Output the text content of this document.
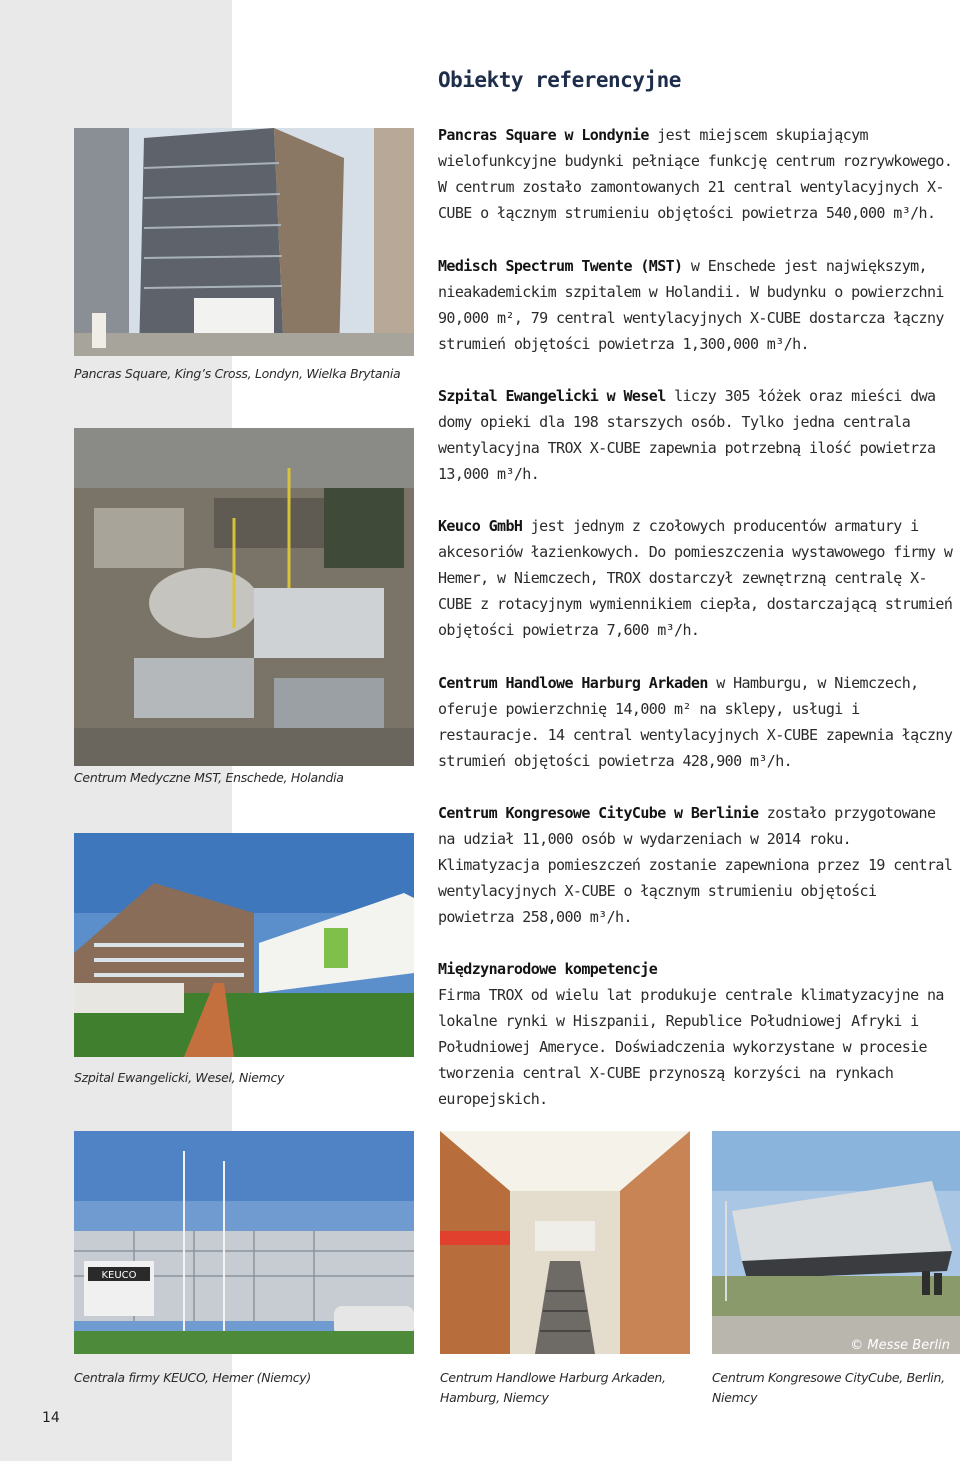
Obiekty referencyjne

Pancras Square w Londynie jest miejscem skupiającym wielofunkcyjne budynki pełniące funkcję centrum rozrywkowego. W centrum zostało zamontowanych 21 central wentylacyjnych X-CUBE o łącznym strumieniu objętości powietrza 540,000 m³/h.

Medisch Spectrum Twente (MST) w Enschede jest największym, nieakademickim szpitalem w Holandii. W budynku o powierzchni 90,000 m², 79 central wentylacyjnych X-CUBE dostarcza łączny strumień objętości powietrza 1,300,000 m³/h.

Szpital Ewangelicki w Wesel liczy 305 łóżek oraz mieści dwa domy opieki dla 198 starszych osób. Tylko jedna centrala wentylacyjna TROX X-CUBE zapewnia potrzebną ilość powietrza 13,000 m³/h.

Keuco GmbH jest jednym z czołowych producentów armatury i akcesoriów łazienkowych. Do pomieszczenia wystawowego firmy w Hemer, w Niemczech, TROX dostarczył zewnętrzną centralę X-CUBE z rotacyjnym wymiennikiem ciepła, dostarczającą strumień objętości powietrza 7,600 m³/h.

Centrum Handlowe Harburg Arkaden w Hamburgu, w Niemczech, oferuje powierzchnię 14,000 m² na sklepy, usługi i restauracje. 14 central wentylacyjnych X-CUBE zapewnia łączny strumień objętości powietrza 428,900 m³/h.

Centrum Kongresowe CityCube w Berlinie zostało przygotowane na udział 11,000 osób w wydarzeniach w 2014 roku. Klimatyzacja pomieszczeń zostanie zapewniona przez 19 central wentylacyjnych X-CUBE o łącznym strumieniu objętości powietrza 258,000 m³/h.

Międzynarodowe kompetencje
Firma TROX od wielu lat produkuje centrale klimatyzacyjne na lokalne rynki w Hiszpanii, Republice Południowej Afryki i Południowej Ameryce. Doświadczenia wykorzystane w procesie tworzenia central X-CUBE przynoszą korzyści na rynkach europejskich.

Pancras Square, King’s Cross, Londyn, Wielka Brytania

Centrum Medyczne MST, Enschede, Holandia

Szpital Ewangelicki, Wesel, Niemcy

KEUCO

Centrala firmy KEUCO, Hemer (Niemcy)	Centrum Handlowe Harburg Arkaden, Hamburg, Niemcy

© Messe Berlin

Centrum Kongresowe CityCube, Berlin, Niemcy

14
